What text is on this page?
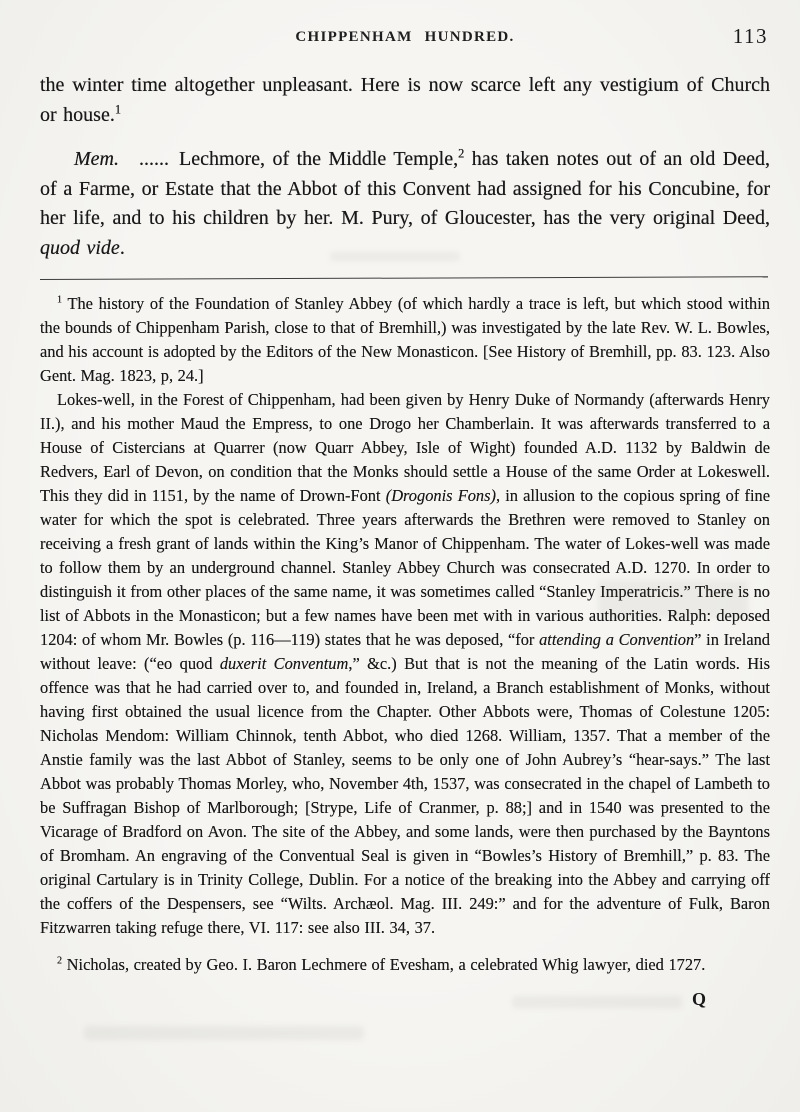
CHIPPENHAM HUNDRED.	113

the winter time altogether unpleasant. Here is now scarce left any vestigium of Church or house.$^1$

Mem. ...... Lechmore, of the Middle Temple,$^2$ has taken notes out of an old Deed, of a Farme, or Estate that the Abbot of this Convent had assigned for his Concubine, for her life, and to his children by her. M. Pury, of Gloucester, has the very original Deed, quod vide.

$^1$ The history of the Foundation of Stanley Abbey (of which hardly a trace is left, but which stood within the bounds of Chippenham Parish, close to that of Bremhill,) was investigated by the late Rev. W. L. Bowles, and his account is adopted by the Editors of the New Monasticon. [See History of Bremhill, pp. 83. 123. Also Gent. Mag. 1823, p, 24.]

Lokes-well, in the Forest of Chippenham, had been given by Henry Duke of Normandy (afterwards Henry II.), and his mother Maud the Empress, to one Drogo her Chamberlain. It was afterwards transferred to a House of Cistercians at Quarrer (now Quarr Abbey, Isle of Wight) founded A.D. 1132 by Baldwin de Redvers, Earl of Devon, on condition that the Monks should settle a House of the same Order at Lokeswell. This they did in 1151, by the name of Drown-Font (Drogonis Fons), in allusion to the copious spring of fine water for which the spot is celebrated. Three years afterwards the Brethren were removed to Stanley on receiving a fresh grant of lands within the King’s Manor of Chippenham. The water of Lokes-well was made to follow them by an underground channel. Stanley Abbey Church was consecrated A.D. 1270. In order to distinguish it from other places of the same name, it was sometimes called “Stanley Imperatricis.” There is no list of Abbots in the Monasticon; but a few names have been met with in various authorities. Ralph: deposed 1204: of whom Mr. Bowles (p. 116—119) states that he was deposed, “for attending a Convention” in Ireland without leave: (“eo quod duxerit Conventum,” &c.) But that is not the meaning of the Latin words. His offence was that he had carried over to, and founded in, Ireland, a Branch establishment of Monks, without having first obtained the usual licence from the Chapter. Other Abbots were, Thomas of Colestune 1205: Nicholas Mendom: William Chinnok, tenth Abbot, who died 1268. William, 1357. That a member of the Anstie family was the last Abbot of Stanley, seems to be only one of John Aubrey’s “hear-says.” The last Abbot was probably Thomas Morley, who, November 4th, 1537, was consecrated in the chapel of Lambeth to be Suffragan Bishop of Marlborough; [Strype, Life of Cranmer, p. 88;] and in 1540 was presented to the Vicarage of Bradford on Avon. The site of the Abbey, and some lands, were then purchased by the Bayntons of Bromham. An engraving of the Conventual Seal is given in “Bowles’s History of Bremhill,” p. 83. The original Cartulary is in Trinity College, Dublin. For a notice of the breaking into the Abbey and carrying off the coffers of the Despensers, see “Wilts. Archæol. Mag. III. 249:” and for the adventure of Fulk, Baron Fitzwarren taking refuge there, VI. 117: see also III. 34, 37.

$^2$ Nicholas, created by Geo. I. Baron Lechmere of Evesham, a celebrated Whig lawyer, died 1727.

Q
